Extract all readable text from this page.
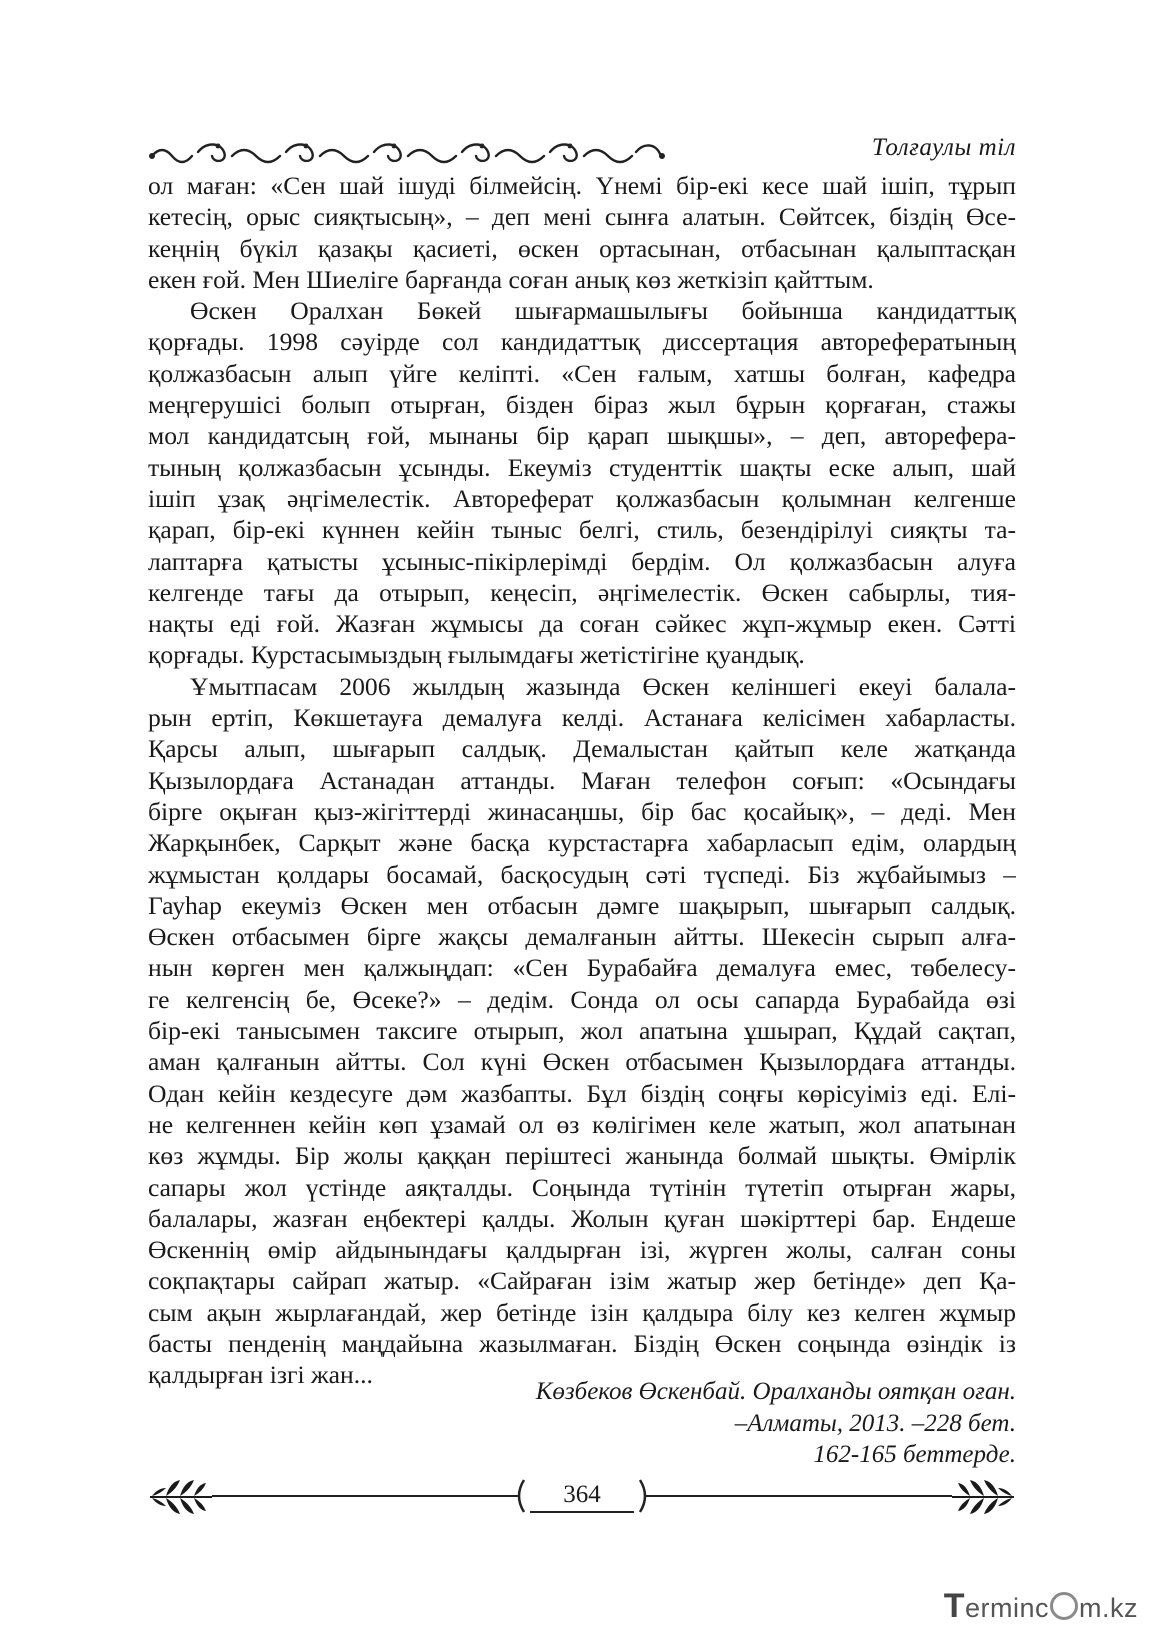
Толғаулы тіл
ол маған: «Сен шай ішуді білмейсің. Үнемі бір-екі кесе шай ішіп, тұрып
кетесің, орыс сияқтысың», – деп мені сынға алатын. Сөйтсек, біздің Өсе-
кеңнің бүкіл қазақы қасиеті, өскен ортасынан, отбасынан қалыптасқан
екен ғой. Мен Шиеліге барғанда соған анық көз жеткізіп қайттым.
Өскен Оралхан Бөкей шығармашылығы бойынша кандидаттық
қорғады. 1998 сәуірде сол кандидаттық диссертация авторефератының
қолжазбасын алып үйге келіпті. «Сен ғалым, хатшы болған, кафедра
меңгерушісі болып отырған, бізден біраз жыл бұрын қорғаған, стажы
мол кандидатсың ғой, мынаны бір қарап шықшы», – деп, авторефера-
тының қолжазбасын ұсынды. Екеуміз студенттік шақты еске алып, шай
ішіп ұзақ әңгімелестік. Автореферат қолжазбасын қолымнан келгенше
қарап, бір-екі күннен кейін тыныс белгі, стиль, безендірілуі сияқты та-
лаптарға қатысты ұсыныс-пікірлерімді бердім. Ол қолжазбасын алуға
келгенде тағы да отырып, кеңесіп, әңгімелестік. Өскен сабырлы, тия-
нақты еді ғой. Жазған жұмысы да соған сәйкес жұп-жұмыр екен. Сәтті
қорғады. Курстасымыздың ғылымдағы жетістігіне қуандық.
Ұмытпасам 2006 жылдың жазында Өскен келіншегі екеуі балала-
рын ертіп, Көкшетауға демалуға келді. Астанаға келісімен хабарласты.
Қарсы алып, шығарып салдық. Демалыстан қайтып келе жатқанда
Қызылордаға Астанадан аттанды. Маған телефон соғып: «Осындағы
бірге оқыған қыз-жігіттерді жинасаңшы, бір бас қосайық», – деді. Мен
Жарқынбек, Сарқыт және басқа курстастарға хабарласып едім, олардың
жұмыстан қолдары босамай, басқосудың сәті түспеді. Біз жұбайымыз –
Гауһар екеуміз Өскен мен отбасын дәмге шақырып, шығарып салдық.
Өскен отбасымен бірге жақсы демалғанын айтты. Шекесін сырып алға-
нын көрген мен қалжыңдап: «Сен Бурабайға демалуға емес, төбелесу-
ге келгенсің бе, Өсеке?» – дедім. Сонда ол осы сапарда Бурабайда өзі
бір-екі танысымен таксиге отырып, жол апатына ұшырап, Құдай сақтап,
аман қалғанын айтты. Сол күні Өскен отбасымен Қызылордаға аттанды.
Одан кейін кездесуге дәм жазбапты. Бұл біздің соңғы көрісуіміз еді. Елі-
не келгеннен кейін көп ұзамай ол өз көлігімен келе жатып, жол апатынан
көз жұмды. Бір жолы қаққан періштесі жанында болмай шықты. Өмірлік
сапары жол үстінде аяқталды. Соңында түтінін түтетіп отырған жары,
балалары, жазған еңбектері қалды. Жолын қуған шәкірттері бар. Ендеше
Өскеннің өмір айдынындағы қалдырған ізі, жүрген жолы, салған соны
соқпақтары сайрап жатыр. «Сайраған ізім жатыр жер бетінде» деп Қа-
сым ақын жырлағандай, жер бетінде ізін қалдыра білу кез келген жұмыр
басты пенденің маңдайына жазылмаған. Біздің Өскен соңында өзіндік із
қалдырған ізгі жан...
Көзбеков Өскенбай. Оралханды оятқан оған.
–Алматы, 2013. –228 бет.
162-165 беттерде.
364
Terminc m.kz
